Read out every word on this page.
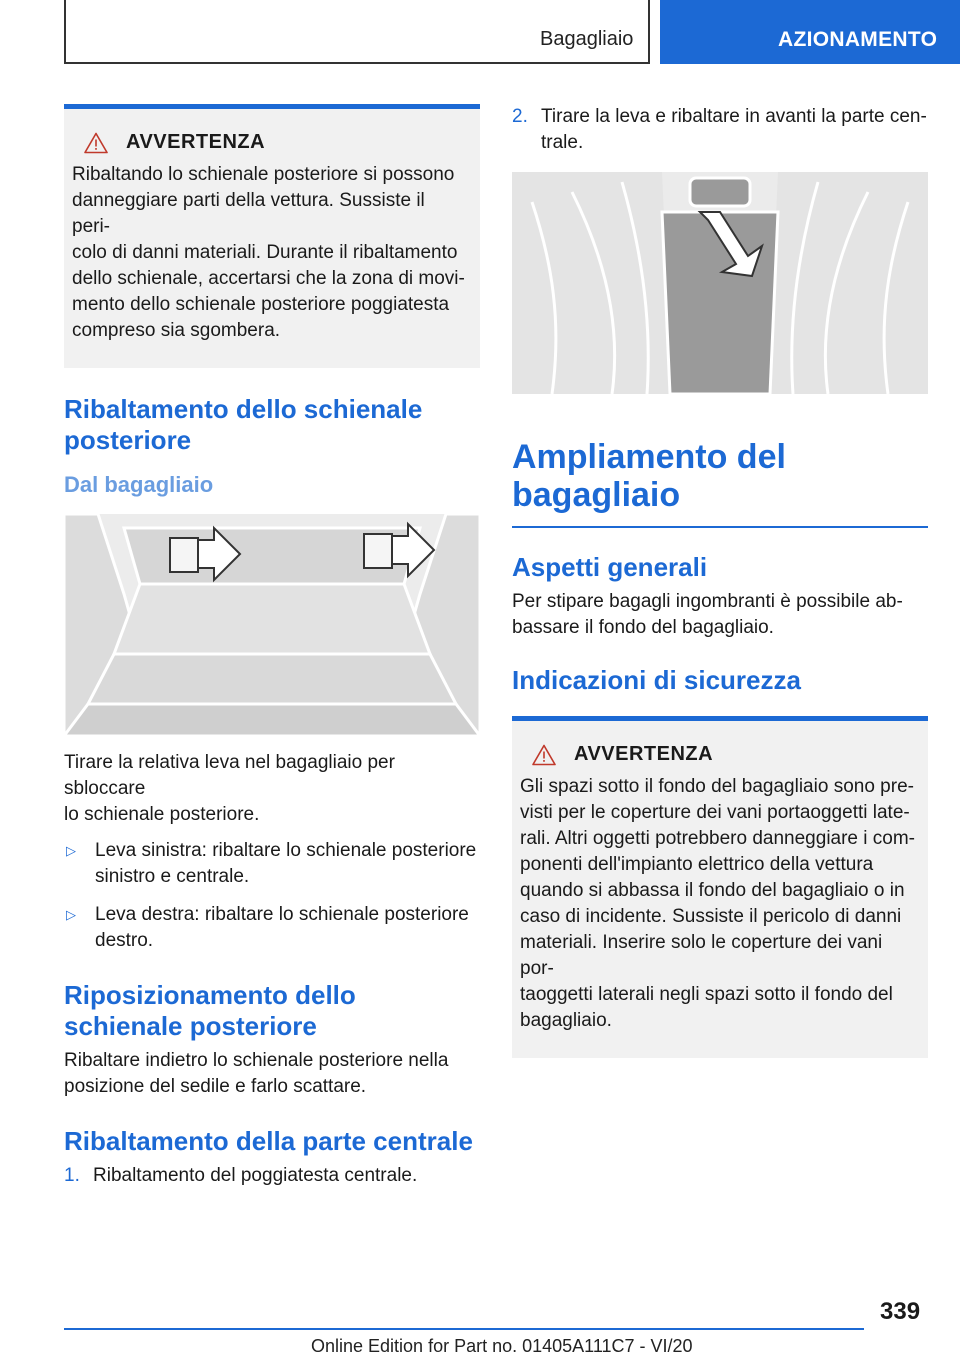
Bagagliaio	AZIONAMENTO
AVVERTENZA
Ribaltando lo schienale posteriore si possono
danneggiare parti della vettura. Sussiste il peri-
colo di danni materiali. Durante il ribaltamento
dello schienale, accertarsi che la zona di movi-
mento dello schienale posteriore poggiatesta
compreso sia sgombera.
Ribaltamento dello schienale
posteriore
Dal bagagliaio
Tirare la relativa leva nel bagagliaio per sbloccare
lo schienale posteriore.
▷	Leva sinistra: ribaltare lo schienale posteriore
sinistro e centrale.
▷	Leva destra: ribaltare lo schienale posteriore
destro.
Riposizionamento dello
schienale posteriore
Ribaltare indietro lo schienale posteriore nella
posizione del sedile e farlo scattare.
Ribaltamento della parte centrale
1. Ribaltamento del poggiatesta centrale.
2. Tirare la leva e ribaltare in avanti la parte cen-
trale.
Ampliamento del
bagagliaio
Aspetti generali
Per stipare bagagli ingombranti è possibile ab-
bassare il fondo del bagagliaio.
Indicazioni di sicurezza
AVVERTENZA
Gli spazi sotto il fondo del bagagliaio sono pre-
visti per le coperture dei vani portaoggetti late-
rali. Altri oggetti potrebbero danneggiare i com-
ponenti dell'impianto elettrico della vettura
quando si abbassa il fondo del bagagliaio o in
caso di incidente. Sussiste il pericolo di danni
materiali. Inserire solo le coperture dei vani por-
taoggetti laterali negli spazi sotto il fondo del
bagagliaio.
339
Online Edition for Part no. 01405A111C7 - VI/20
